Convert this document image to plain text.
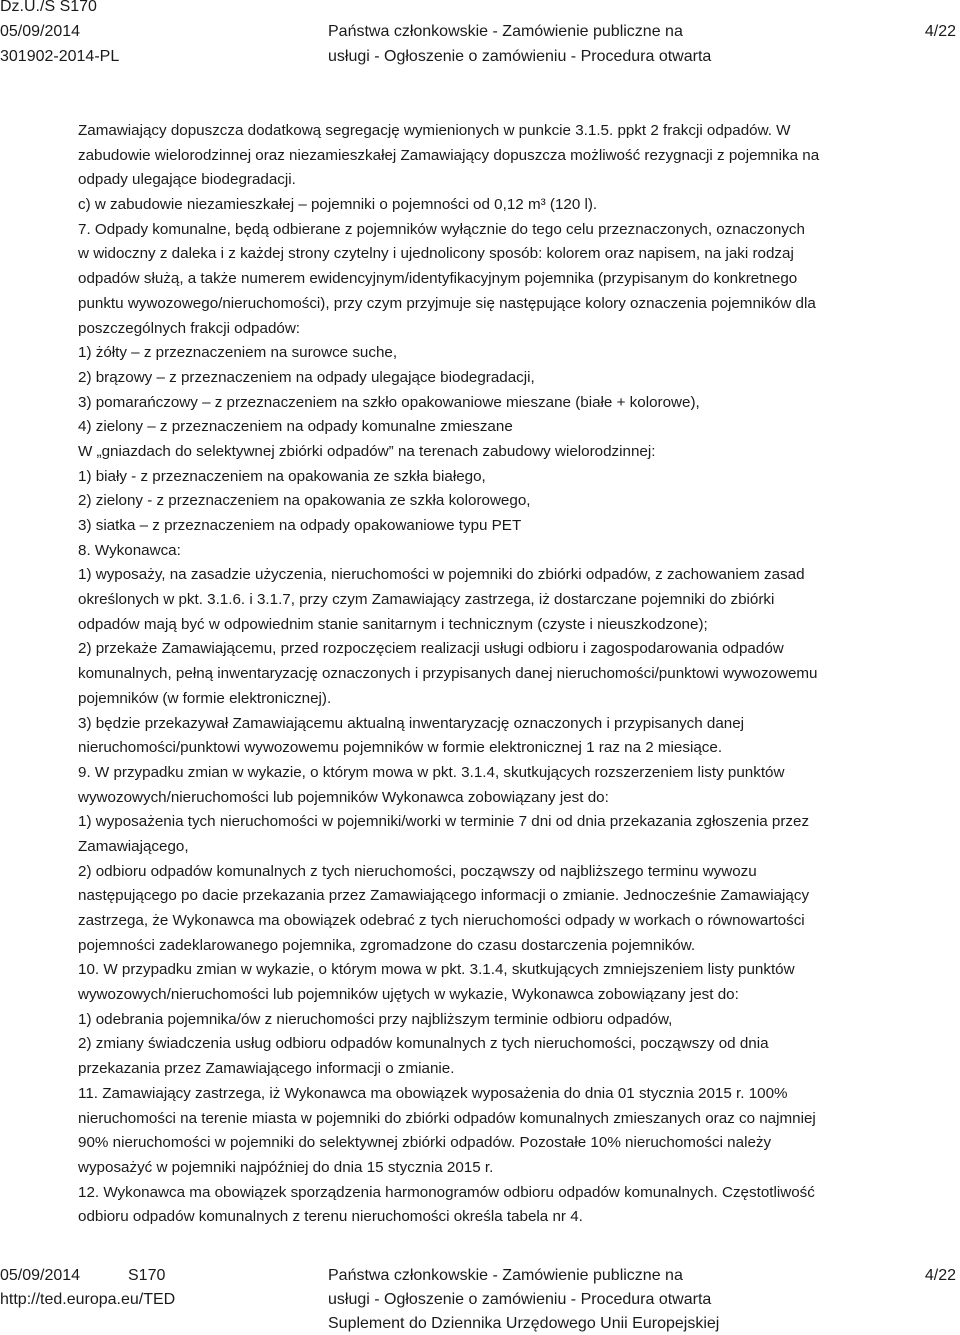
Dz.U./S S170
05/09/2014
301902-2014-PL
Państwa członkowskie - Zamówienie publiczne na
usługi - Ogłoszenie o zamówieniu - Procedura otwarta
4/22
Zamawiający dopuszcza dodatkową segregację wymienionych w punkcie 3.1.5. ppkt 2 frakcji odpadów. W
zabudowie wielorodzinnej oraz niezamieszkałej Zamawiający dopuszcza możliwość rezygnacji z pojemnika na
odpady ulegające biodegradacji.
c) w zabudowie niezamieszkałej – pojemniki o pojemności od 0,12 m³ (120 l).
7. Odpady komunalne, będą odbierane z pojemników wyłącznie do tego celu przeznaczonych, oznaczonych
w widoczny z daleka i z każdej strony czytelny i ujednolicony sposób: kolorem oraz napisem, na jaki rodzaj
odpadów służą, a także numerem ewidencyjnym/identyfikacyjnym pojemnika (przypisanym do konkretnego
punktu wywozowego/nieruchomości), przy czym przyjmuje się następujące kolory oznaczenia pojemników dla
poszczególnych frakcji odpadów:
1) żółty – z przeznaczeniem na surowce suche,
2) brązowy – z przeznaczeniem na odpady ulegające biodegradacji,
3) pomarańczowy – z przeznaczeniem na szkło opakowaniowe mieszane (białe + kolorowe),
4) zielony – z przeznaczeniem na odpady komunalne zmieszane
W „gniazdach do selektywnej zbiórki odpadów” na terenach zabudowy wielorodzinnej:
1) biały - z przeznaczeniem na opakowania ze szkła białego,
2) zielony - z przeznaczeniem na opakowania ze szkła kolorowego,
3) siatka – z przeznaczeniem na odpady opakowaniowe typu PET
8. Wykonawca:
1) wyposaży, na zasadzie użyczenia, nieruchomości w pojemniki do zbiórki odpadów, z zachowaniem zasad
określonych w pkt. 3.1.6. i 3.1.7, przy czym Zamawiający zastrzega, iż dostarczane pojemniki do zbiórki
odpadów mają być w odpowiednim stanie sanitarnym i technicznym (czyste i nieuszkodzone);
2) przekaże Zamawiającemu, przed rozpoczęciem realizacji usługi odbioru i zagospodarowania odpadów
komunalnych, pełną inwentaryzację oznaczonych i przypisanych danej nieruchomości/punktowi wywozowemu
pojemników (w formie elektronicznej).
3) będzie przekazywał Zamawiającemu aktualną inwentaryzację oznaczonych i przypisanych danej
nieruchomości/punktowi wywozowemu pojemników w formie elektronicznej 1 raz na 2 miesiące.
9. W przypadku zmian w wykazie, o którym mowa w pkt. 3.1.4, skutkujących rozszerzeniem listy punktów
wywozowych/nieruchomości lub pojemników Wykonawca zobowiązany jest do:
1) wyposażenia tych nieruchomości w pojemniki/worki w terminie 7 dni od dnia przekazania zgłoszenia przez
Zamawiającego,
2) odbioru odpadów komunalnych z tych nieruchomości, począwszy od najbliższego terminu wywozu
następującego po dacie przekazania przez Zamawiającego informacji o zmianie. Jednocześnie Zamawiający
zastrzega, że Wykonawca ma obowiązek odebrać z tych nieruchomości odpady w workach o równowartości
pojemności zadeklarowanego pojemnika, zgromadzone do czasu dostarczenia pojemników.
10. W przypadku zmian w wykazie, o którym mowa w pkt. 3.1.4, skutkujących zmniejszeniem listy punktów
wywozowych/nieruchomości lub pojemników ujętych w wykazie, Wykonawca zobowiązany jest do:
1) odebrania pojemnika/ów z nieruchomości przy najbliższym terminie odbioru odpadów,
2) zmiany świadczenia usług odbioru odpadów komunalnych z tych nieruchomości, począwszy od dnia
przekazania przez Zamawiającego informacji o zmianie.
11. Zamawiający zastrzega, iż Wykonawca ma obowiązek wyposażenia do dnia 01 stycznia 2015 r. 100%
nieruchomości na terenie miasta w pojemniki do zbiórki odpadów komunalnych zmieszanych oraz co najmniej
90% nieruchomości w pojemniki do selektywnej zbiórki odpadów. Pozostałe 10% nieruchomości należy
wyposażyć w pojemniki najpóźniej do dnia 15 stycznia 2015 r.
12. Wykonawca ma obowiązek sporządzenia harmonogramów odbioru odpadów komunalnych. Częstotliwość
odbioru odpadów komunalnych z terenu nieruchomości określa tabela nr 4.
05/09/2014	S170
http://ted.europa.eu/TED
Państwa członkowskie - Zamówienie publiczne na
usługi - Ogłoszenie o zamówieniu - Procedura otwarta
Suplement do Dziennika Urzędowego Unii Europejskiej
4/22
